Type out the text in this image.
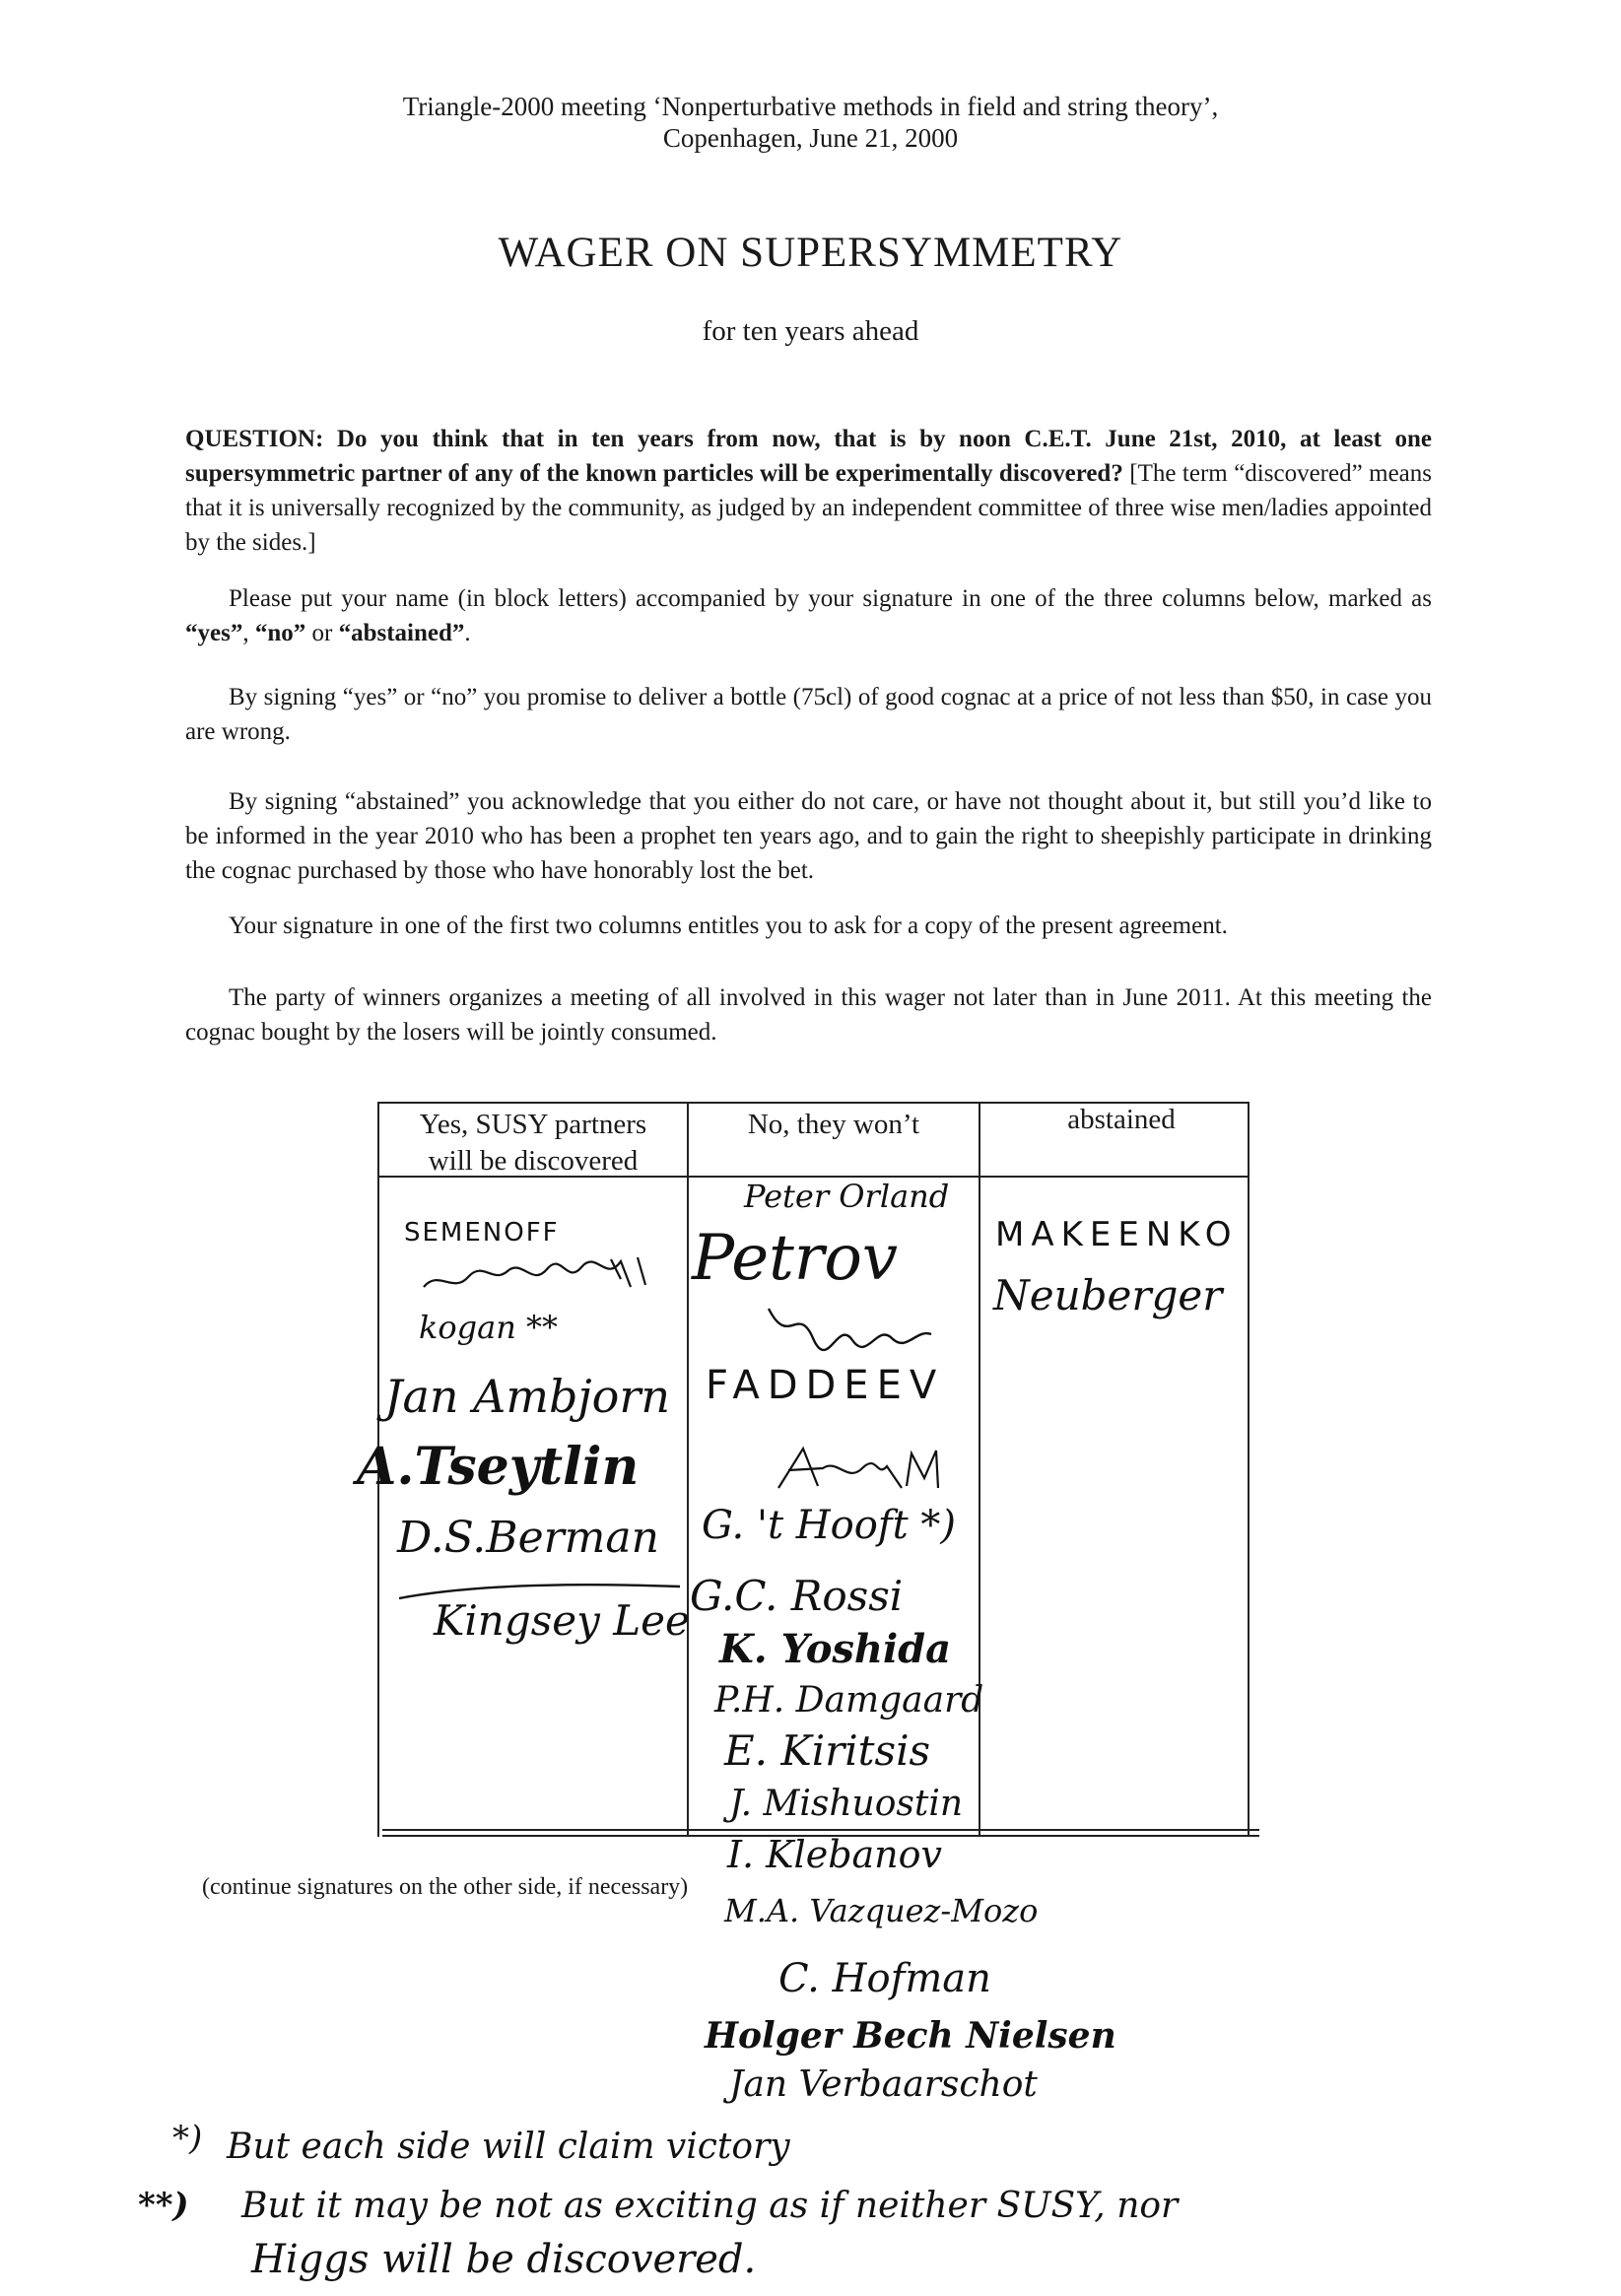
Triangle-2000 meeting ‘Nonperturbative methods in field and string theory’,
Copenhagen, June 21, 2000
WAGER ON SUPERSYMMETRY
for ten years ahead
QUESTION: Do you think that in ten years from now, that is by noon C.E.T. June 21st, 2010, at least one supersymmetric partner of any of the known particles will be experimentally discovered? [The term “discovered” means that it is universally recognized by the community, as judged by an independent committee of three wise men/ladies appointed by the sides.]
Please put your name (in block letters) accompanied by your signature in one of the three columns below, marked as “yes”, “no” or “abstained”.
By signing “yes” or “no” you promise to deliver a bottle (75cl) of good cognac at a price of not less than $50, in case you are wrong.
By signing “abstained” you acknowledge that you either do not care, or have not thought about it, but still you’d like to be informed in the year 2010 who has been a prophet ten years ago, and to gain the right to sheepishly participate in drinking the cognac purchased by those who have honorably lost the bet.
Your signature in one of the first two columns entitles you to ask for a copy of the present agreement.
The party of winners organizes a meeting of all involved in this wager not later than in June 2011. At this meeting the cognac bought by the losers will be jointly consumed.
Yes, SUSY partners
will be discovered
No, they won’t	abstained
SEMENOFF
kogan **
Jan Ambjorn
A.Tseytlin
D.S.Berman
Kingsey Lee
Peter Orland
Petrov
FADDEEV
G. 't Hooft *)
G.C. Rossi
K. Yoshida
P.H. Damgaard
E. Kiritsis
J. Mishuostin
I. Klebanov
M.A. Vazquez-Mozo
C. Hofman
Holger Bech Nielsen
Jan Verbaarschot
MAKEENKO
Neuberger
(continue signatures on the other side, if necessary)
*) But each side will claim victory
**) But it may be not as exciting as if neither SUSY, nor
Higgs will be discovered.
